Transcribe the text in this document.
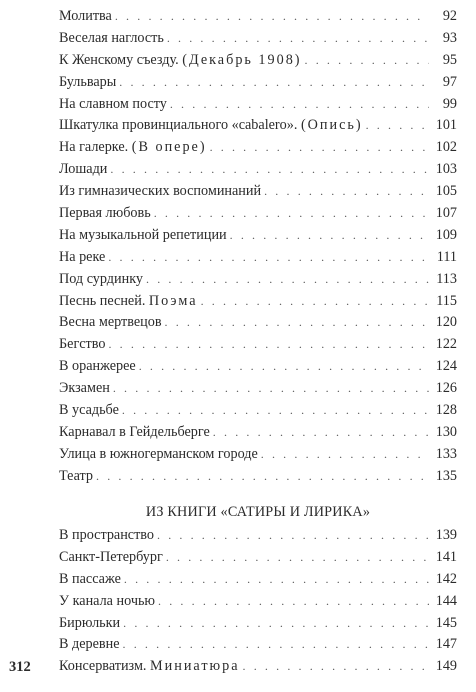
Молитва . . .	92
Веселая наглость . . .	93
К Женскому съезду. (Декабрь 1908) . . .	95
Бульвары . . .	97
На славном посту . . .	99
Шкатулка провинциального «cabalero». (Опись) . . .	101
На галерке. (В опере) . . .	102
Лошади . . .	103
Из гимназических воспоминаний . . .	105
Первая любовь . . .	107
На музыкальной репетиции . . .	109
На реке . . .	111
Под сурдинку . . .	113
Песнь песней. Поэма . . .	115
Весна мертвецов . . .	120
Бегство . . .	122
В оранжерее . . .	124
Экзамен . . .	126
В усадьбе . . .	128
Карнавал в Гейдельберге . . .	130
Улица в южногерманском городе . . .	133
Театр . . .	135
ИЗ КНИГИ «САТИРЫ И ЛИРИКА»
В пространство . . .	139
Санкт-Петербург . . .	141
В пассаже . . .	142
У канала ночью . . .	144
Бирюльки . . .	145
В деревне . . .	147
Консерватизм. Миниатюра . . .	149
312
